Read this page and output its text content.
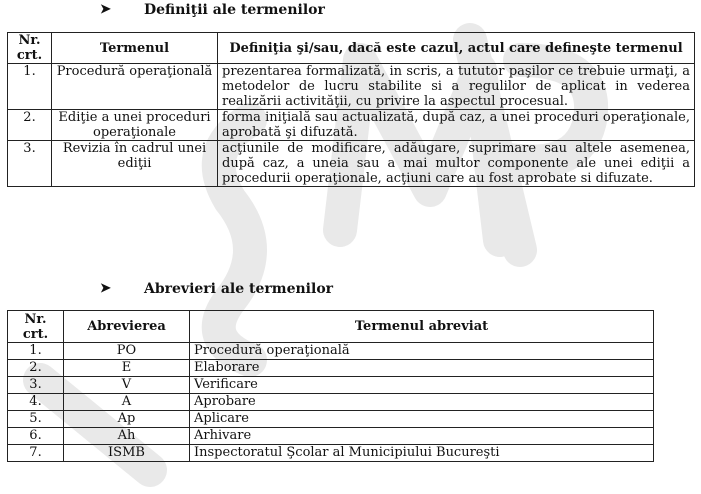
➤	Definiţii ale termenilor
Nr. crt.	Termenul	Definiţia şi/sau, dacă este cazul, actul care defineşte termenul
1.	Procedură operaţională	prezentarea formalizată, in scris, a tututor paşilor ce trebuie urmaţi, a metodelor de lucru stabilite si a regulilor de aplicat in vederea realizării activităţii, cu privire la aspectul procesual.
2.	Ediţie a unei proceduri operaţionale	forma iniţială sau actualizată, după caz, a unei proceduri operaţionale, aprobată şi difuzată.
3.	Revizia în cadrul unei ediţii	acţiunile de modificare, adăugare, suprimare sau altele asemenea, după caz, a uneia sau a mai multor componente ale unei ediţii a procedurii operaţionale, acţiuni care au fost aprobate si difuzate.
➤	Abrevieri ale termenilor
Nr. crt.	Abrevierea	Termenul abreviat
1.	PO	Procedură operaţională
2.	E	Elaborare
3.	V	Verificare
4.	A	Aprobare
5.	Ap	Aplicare
6.	Ah	Arhivare
7.	ISMB	Inspectoratul Şcolar al Municipiului Bucureşti
